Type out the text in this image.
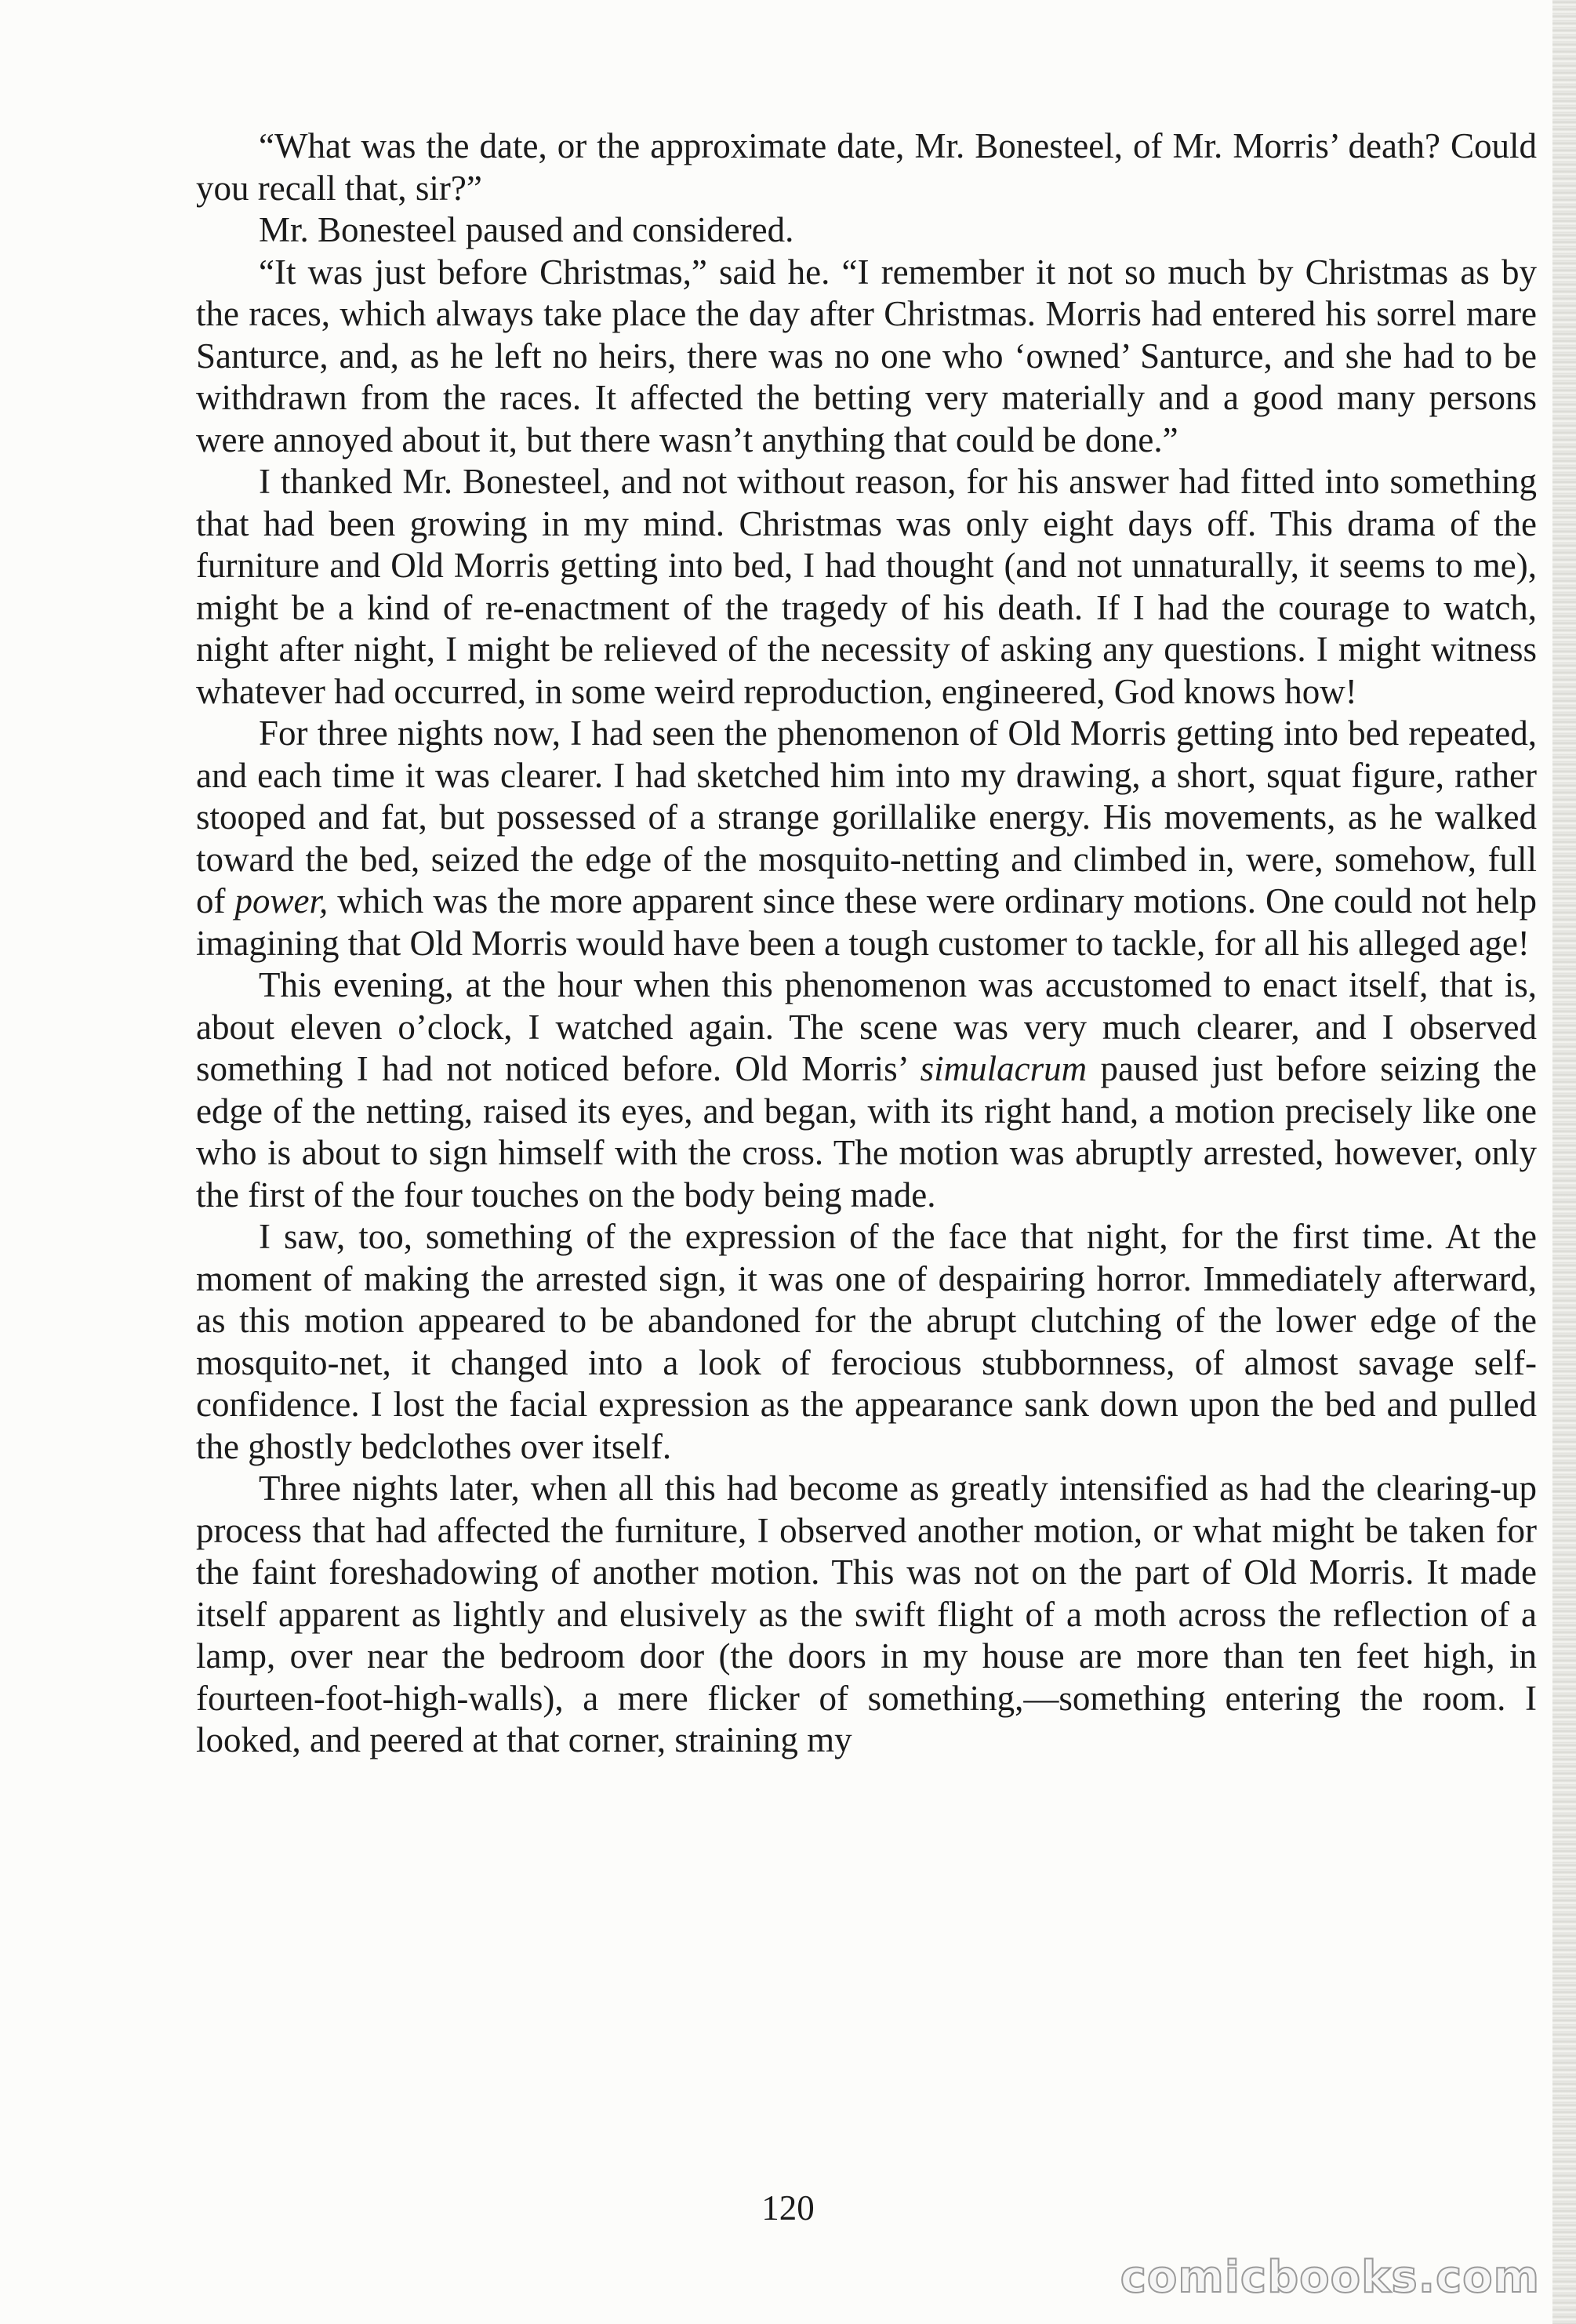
“What was the date, or the approximate date, Mr. Bonesteel, of Mr. Morris’ death? Could you recall that, sir?”

Mr. Bonesteel paused and considered.

“It was just before Christmas,” said he. “I remember it not so much by Christmas as by the races, which always take place the day after Christmas. Morris had entered his sorrel mare Santurce, and, as he left no heirs, there was no one who ‘owned’ Santurce, and she had to be withdrawn from the races. It affected the betting very materially and a good many persons were annoyed about it, but there wasn’t anything that could be done.”

I thanked Mr. Bonesteel, and not without reason, for his answer had fitted into something that had been growing in my mind. Christmas was only eight days off. This drama of the furniture and Old Morris getting into bed, I had thought (and not unnaturally, it seems to me), might be a kind of re-enactment of the tragedy of his death. If I had the courage to watch, night after night, I might be relieved of the necessity of asking any questions. I might witness whatever had occurred, in some weird reproduction, engineered, God knows how!

For three nights now, I had seen the phenomenon of Old Morris getting into bed repeated, and each time it was clearer. I had sketched him into my drawing, a short, squat figure, rather stooped and fat, but possessed of a strange gorillalike energy. His movements, as he walked toward the bed, seized the edge of the mosquito-netting and climbed in, were, somehow, full of power, which was the more apparent since these were ordinary motions. One could not help imagining that Old Morris would have been a tough customer to tackle, for all his alleged age!

This evening, at the hour when this phenomenon was accustomed to enact itself, that is, about eleven o’clock, I watched again. The scene was very much clearer, and I observed something I had not noticed before. Old Morris’ simulacrum paused just before seizing the edge of the netting, raised its eyes, and began, with its right hand, a motion precisely like one who is about to sign himself with the cross. The motion was abruptly arrested, however, only the first of the four touches on the body being made.

I saw, too, something of the expression of the face that night, for the first time. At the moment of making the arrested sign, it was one of despairing horror. Immediately afterward, as this motion appeared to be abandoned for the abrupt clutching of the lower edge of the mosquito-net, it changed into a look of ferocious stubbornness, of almost savage self-confidence. I lost the facial expression as the appearance sank down upon the bed and pulled the ghostly bedclothes over itself.

Three nights later, when all this had become as greatly intensified as had the clearing-up process that had affected the furniture, I observed another motion, or what might be taken for the faint foreshadowing of another motion. This was not on the part of Old Morris. It made itself apparent as lightly and elusively as the swift flight of a moth across the reflection of a lamp, over near the bedroom door (the doors in my house are more than ten feet high, in fourteen-foot-high-walls), a mere flicker of something,—something entering the room. I looked, and peered at that corner, straining my

120
comicbooks.com
